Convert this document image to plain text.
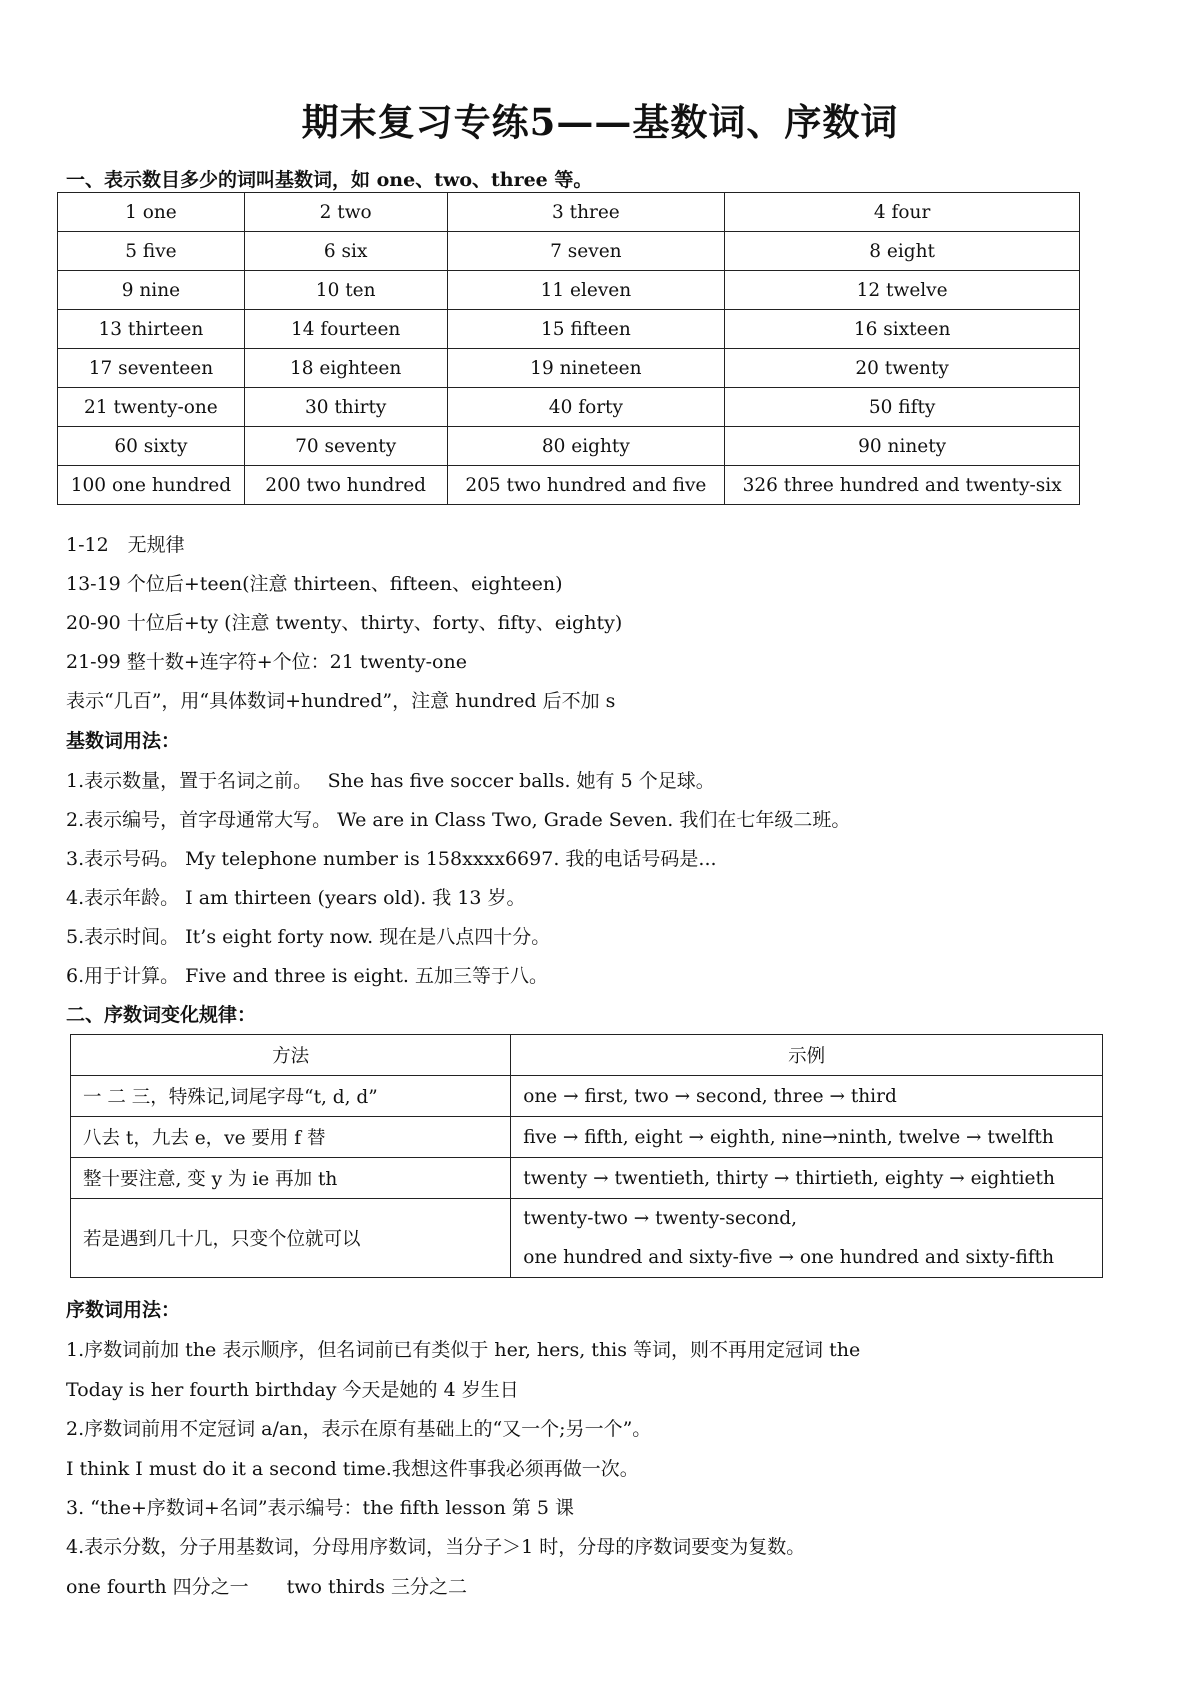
期末复习专练5——基数词、序数词
一、表示数目多少的词叫基数词，如 one、two、three 等。
1 one	2 two	3 three	4 four
5 five	6 six	7 seven	8 eight
9 nine	10 ten	11 eleven	12 twelve
13 thirteen	14 fourteen	15 fifteen	16 sixteen
17 seventeen	18 eighteen	19 nineteen	20 twenty
21 twenty-one	30 thirty	40 forty	50 fifty
60 sixty	70 seventy	80 eighty	90 ninety
100 one hundred	200 two hundred	205 two hundred and five	326 three hundred and twenty-six
1-12　无规律
13-19 个位后+teen(注意 thirteen、fifteen、eighteen)
20-90 十位后+ty (注意 twenty、thirty、forty、fifty、eighty)
21-99 整十数+连字符+个位：21 twenty-one
表示“几百”，用“具体数词+hundred”，注意 hundred 后不加 s
基数词用法：
1.表示数量，置于名词之前。　 She has five soccer balls. 她有 5 个足球。
2.表示编号，首字母通常大写。 We are in Class Two, Grade Seven. 我们在七年级二班。
3.表示号码。 My telephone number is 158xxxx6697. 我的电话号码是...
4.表示年龄。 I am thirteen (years old). 我 13 岁。
5.表示时间。 It’s eight forty now. 现在是八点四十分。
6.用于计算。 Five and three is eight. 五加三等于八。
二、序数词变化规律：
方法	示例
一 二 三，特殊记,词尾字母“t, d, d”	one → first, two → second, three → third
八去 t，九去 e，ve 要用 f 替	five → fifth, eight → eighth, nine→ninth, twelve → twelfth
整十要注意, 变 y 为 ie 再加 th	twenty → twentieth, thirty → thirtieth, eighty → eightieth
若是遇到几十几，只变个位就可以	twenty-two → twenty-second,
one hundred and sixty-five → one hundred and sixty-fifth
序数词用法：
1.序数词前加 the 表示顺序，但名词前已有类似于 her, hers, this 等词，则不再用定冠词 the
Today is her fourth birthday 今天是她的 4 岁生日
2.序数词前用不定冠词 a/an，表示在原有基础上的“又一个;另一个”。
I think I must do it a second time.我想这件事我必须再做一次。
3. “the+序数词+名词”表示编号：the fifth lesson 第 5 课
4.表示分数，分子用基数词，分母用序数词，当分子＞1 时，分母的序数词要变为复数。
one fourth 四分之一　　two thirds 三分之二
